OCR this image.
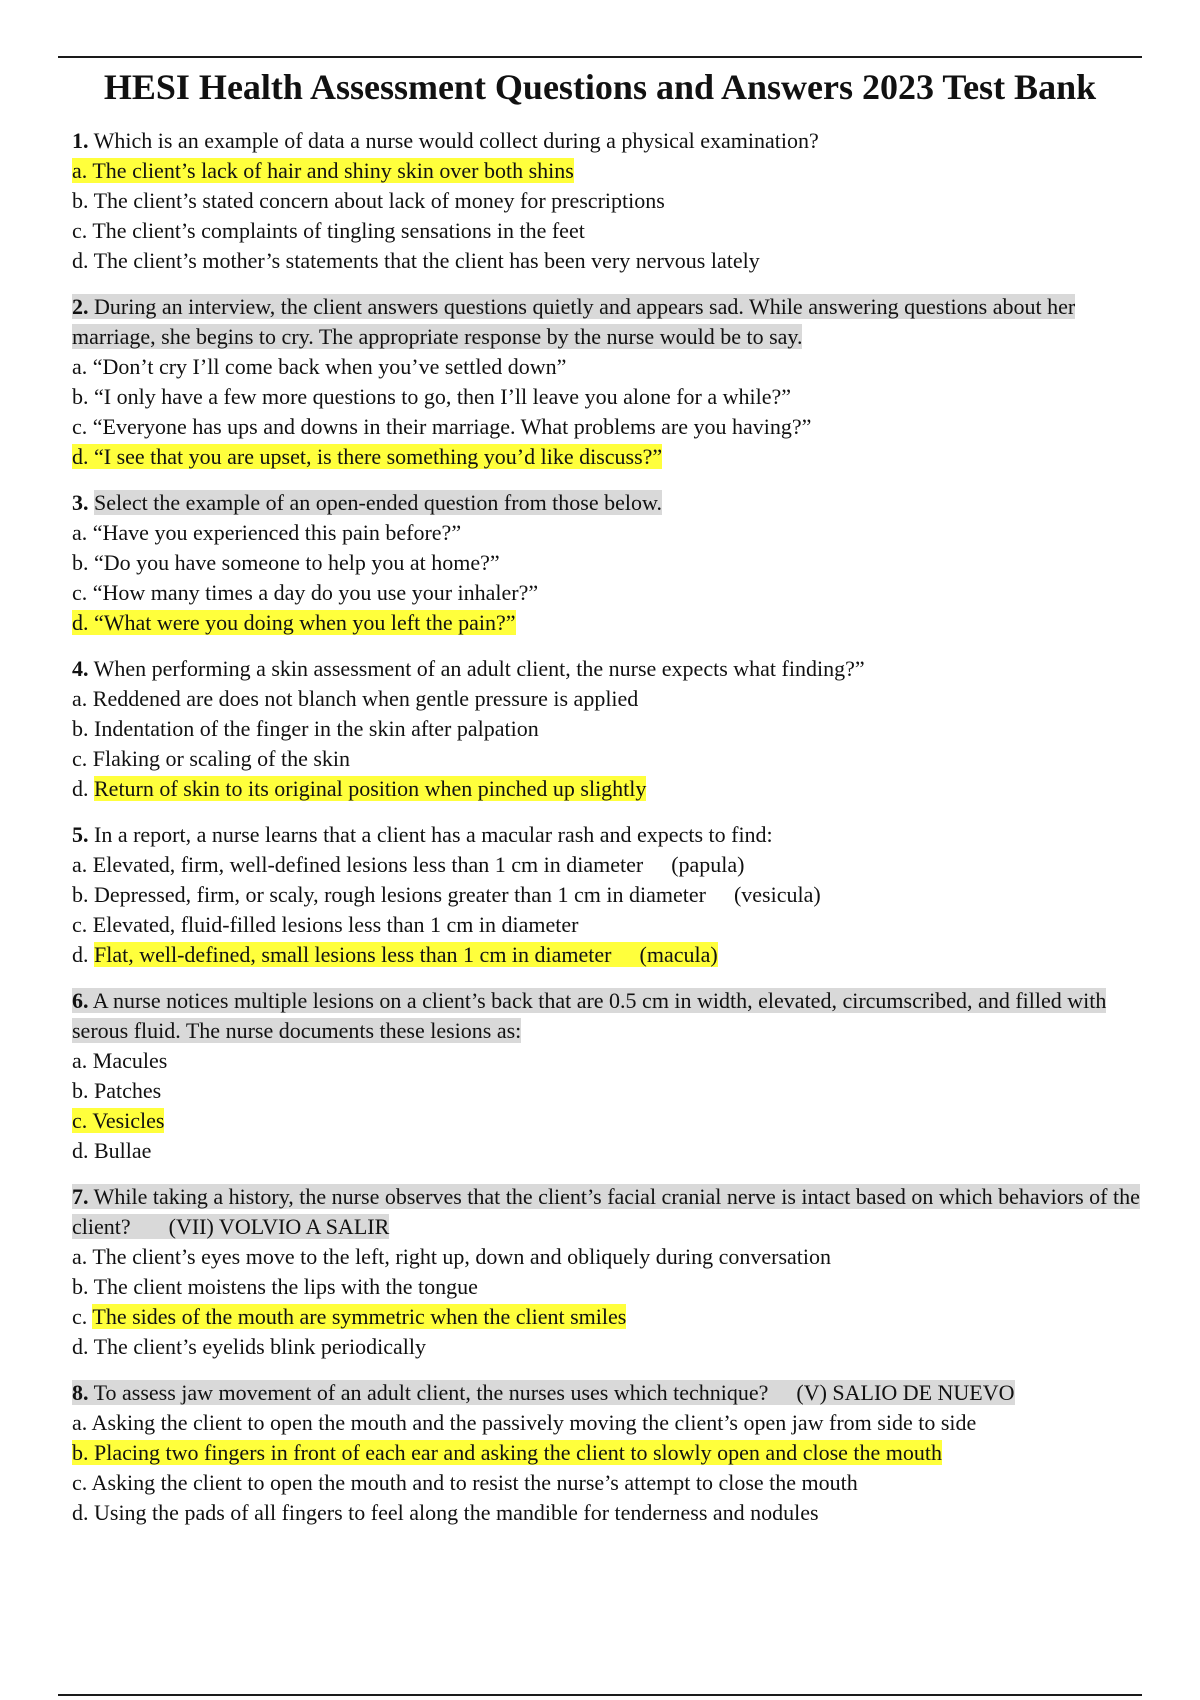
HESI Health Assessment Questions and Answers 2023 Test Bank
1. Which is an example of data a nurse would collect during a physical examination?
a. The client’s lack of hair and shiny skin over both shins
b. The client’s stated concern about lack of money for prescriptions
c. The client’s complaints of tingling sensations in the feet
d. The client’s mother’s statements that the client has been very nervous lately
2. During an interview, the client answers questions quietly and appears sad. While answering questions about her marriage, she begins to cry. The appropriate response by the nurse would be to say.
a. “Don’t cry I’ll come back when you’ve settled down”
b. “I only have a few more questions to go, then I’ll leave you alone for a while?”
c. “Everyone has ups and downs in their marriage. What problems are you having?”
d. “I see that you are upset, is there something you’d like discuss?”
3. Select the example of an open-ended question from those below.
a. “Have you experienced this pain before?”
b. “Do you have someone to help you at home?”
c. “How many times a day do you use your inhaler?”
d. “What were you doing when you left the pain?”
4. When performing a skin assessment of an adult client, the nurse expects what finding?”
a. Reddened are does not blanch when gentle pressure is applied
b. Indentation of the finger in the skin after palpation
c. Flaking or scaling of the skin
d. Return of skin to its original position when pinched up slightly
5. In a report, a nurse learns that a client has a macular rash and expects to find:
a. Elevated, firm, well-defined lesions less than 1 cm in diameter (papula)
b. Depressed, firm, or scaly, rough lesions greater than 1 cm in diameter (vesicula)
c. Elevated, fluid-filled lesions less than 1 cm in diameter
d. Flat, well-defined, small lesions less than 1 cm in diameter (macula)
6. A nurse notices multiple lesions on a client’s back that are 0.5 cm in width, elevated, circumscribed, and filled with serous fluid. The nurse documents these lesions as:
a. Macules
b. Patches
c. Vesicles
d. Bullae
7. While taking a history, the nurse observes that the client’s facial cranial nerve is intact based on which behaviors of the client? (VII) VOLVIO A SALIR
a. The client’s eyes move to the left, right up, down and obliquely during conversation
b. The client moistens the lips with the tongue
c. The sides of the mouth are symmetric when the client smiles
d. The client’s eyelids blink periodically
8. To assess jaw movement of an adult client, the nurses uses which technique? (V) SALIO DE NUEVO
a. Asking the client to open the mouth and the passively moving the client’s open jaw from side to side
b. Placing two fingers in front of each ear and asking the client to slowly open and close the mouth
c. Asking the client to open the mouth and to resist the nurse’s attempt to close the mouth
d. Using the pads of all fingers to feel along the mandible for tenderness and nodules
